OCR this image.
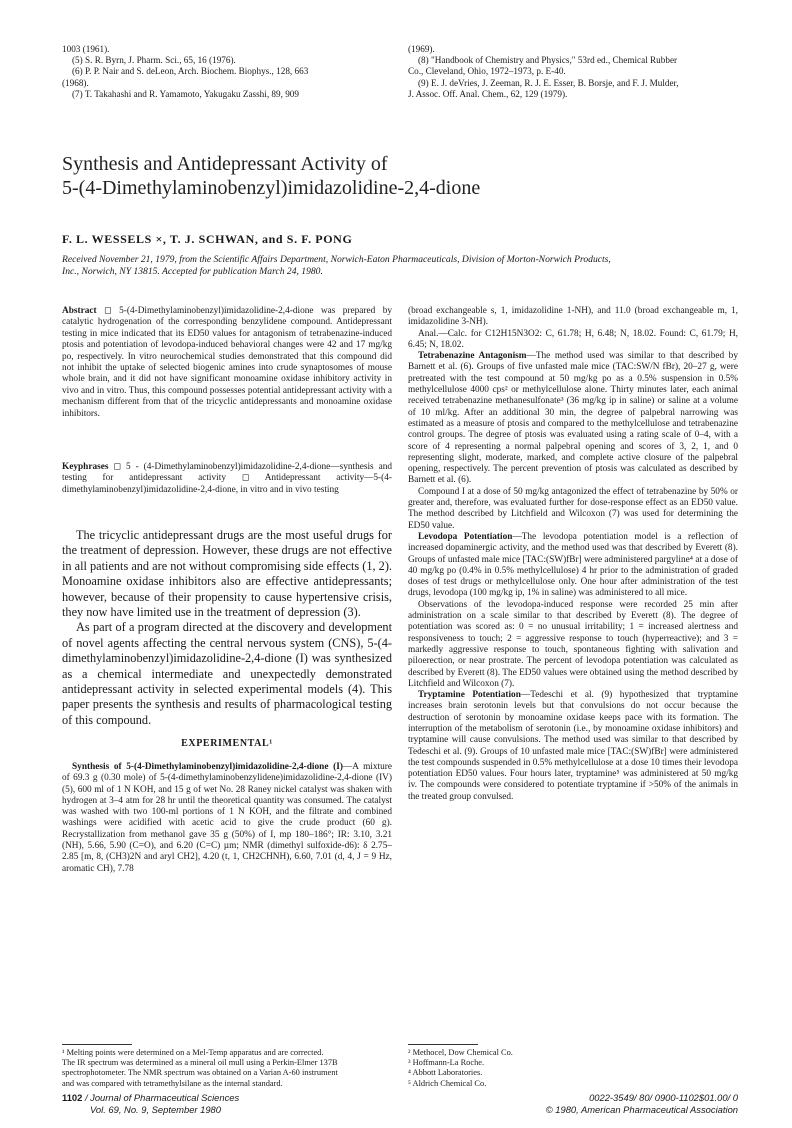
1003 (1961).

(5) S. R. Byrn, J. Pharm. Sci., 65, 16 (1976).

(6) P. P. Nair and S. deLeon, Arch. Biochem. Biophys., 128, 663

(1968).

(7) T. Takahashi and R. Yamamoto, Yakugaku Zasshi, 89, 909

(1969).

(8) "Handbook of Chemistry and Physics," 53rd ed., Chemical Rubber

Co., Cleveland, Ohio, 1972–1973, p. E-40.

(9) E. J. deVries, J. Zeeman, R. J. E. Esser, B. Borsje, and F. J. Mulder,

J. Assoc. Off. Anal. Chem., 62, 129 (1979).

Synthesis and Antidepressant Activity of
5-(4-Dimethylaminobenzyl)imidazolidine-2,4-dione
F. L. WESSELS ×, T. J. SCHWAN, and S. F. PONG
Received November 21, 1979, from the Scientific Affairs Department, Norwich-Eaton Pharmaceuticals, Division of Morton-Norwich Products,
Inc., Norwich, NY 13815. Accepted for publication March 24, 1980.
Abstract ◻ 5-(4-Dimethylaminobenzyl)imidazolidine-2,4-dione was prepared by catalytic hydrogenation of the corresponding benzylidene compound. Antidepressant testing in mice indicated that its ED50 values for antagonism of tetrabenazine-induced ptosis and potentiation of levodopa-induced behavioral changes were 42 and 17 mg/kg po, respectively. In vitro neurochemical studies demonstrated that this compound did not inhibit the uptake of selected biogenic amines into crude synaptosomes of mouse whole brain, and it did not have significant monoamine oxidase inhibitory activity in vivo and in vitro. Thus, this compound possesses potential antidepressant activity with a mechanism different from that of the tricyclic antidepressants and monoamine oxidase inhibitors.
Keyphrases ◻ 5 - (4-Dimethylaminobenzyl)imidazolidine-2,4-dione—synthesis and testing for antidepressant activity ◻ Antidepressant activity—5-(4-dimethylaminobenzyl)imidazolidine-2,4-dione, in vitro and in vivo testing

The tricyclic antidepressant drugs are the most useful drugs for the treatment of depression. However, these drugs are not effective in all patients and are not without compromising side effects (1, 2). Monoamine oxidase inhibitors also are effective antidepressants; however, because of their propensity to cause hypertensive crisis, they now have limited use in the treatment of depression (3).

As part of a program directed at the discovery and development of novel agents affecting the central nervous system (CNS), 5-(4-dimethylaminobenzyl)imidazolidine-2,4-dione (I) was synthesized as a chemical intermediate and unexpectedly demonstrated antidepressant activity in selected experimental models (4). This paper presents the synthesis and results of pharmacological testing of this compound.

EXPERIMENTAL¹

Synthesis of 5-(4-Dimethylaminobenzyl)imidazolidine-2,4-dione (I)—A mixture of 69.3 g (0.30 mole) of 5-(4-dimethylaminobenzylidene)imidazolidine-2,4-dione (IV) (5), 600 ml of 1 N KOH, and 15 g of wet No. 28 Raney nickel catalyst was shaken with hydrogen at 3–4 atm for 28 hr until the theoretical quantity was consumed. The catalyst was washed with two 100-ml portions of 1 N KOH, and the filtrate and combined washings were acidified with acetic acid to give the crude product (60 g). Recrystallization from methanol gave 35 g (50%) of I, mp 180–186°; IR: 3.10, 3.21 (NH), 5.66, 5.90 (C=O), and 6.20 (C=C) µm; NMR (dimethyl sulfoxide-d6): δ 2.75–2.85 [m, 8, (CH3)2N and aryl CH2], 4.20 (t, 1, CH2CHNH), 6.60, 7.01 (d, 4, J = 9 Hz, aromatic CH), 7.78

(broad exchangeable s, 1, imidazolidine 1-NH), and 11.0 (broad exchangeable m, 1, imidazolidine 3-NH).

Anal.—Calc. for C12H15N3O2: C, 61.78; H, 6.48; N, 18.02. Found: C, 61.79; H, 6.45; N, 18.02.

Tetrabenazine Antagonism—The method used was similar to that described by Barnett et al. (6). Groups of five unfasted male mice (TAC:SW/N fBr), 20–27 g, were pretreated with the test compound at 50 mg/kg po as a 0.5% suspension in 0.5% methylcellulose 4000 cps² or methylcellulose alone. Thirty minutes later, each animal received tetrabenazine methanesulfonate³ (36 mg/kg ip in saline) or saline at a volume of 10 ml/kg. After an additional 30 min, the degree of palpebral narrowing was estimated as a measure of ptosis and compared to the methylcellulose and tetrabenazine control groups. The degree of ptosis was evaluated using a rating scale of 0–4, with a score of 4 representing a normal palpebral opening and scores of 3, 2, 1, and 0 representing slight, moderate, marked, and complete active closure of the palpebral opening, respectively. The percent prevention of ptosis was calculated as described by Barnett et al. (6).

Compound I at a dose of 50 mg/kg antagonized the effect of tetrabenazine by 50% or greater and, therefore, was evaluated further for dose-response effect as an ED50 value. The method described by Litchfield and Wilcoxon (7) was used for determining the ED50 value.

Levodopa Potentiation—The levodopa potentiation model is a reflection of increased dopaminergic activity, and the method used was that described by Everett (8). Groups of unfasted male mice [TAC:(SW)fBr] were administered pargyline⁴ at a dose of 40 mg/kg po (0.4% in 0.5% methylcellulose) 4 hr prior to the administration of graded doses of test drugs or methylcellulose only. One hour after administration of the test drugs, levodopa (100 mg/kg ip, 1% in saline) was administered to all mice.

Observations of the levodopa-induced response were recorded 25 min after administration on a scale similar to that described by Everett (8). The degree of potentiation was scored as: 0 = no unusual irritability; 1 = increased alertness and responsiveness to touch; 2 = aggressive response to touch (hyperreactive); and 3 = markedly aggressive response to touch, spontaneous fighting with salivation and piloerection, or near prostrate. The percent of levodopa potentiation was calculated as described by Everett (8). The ED50 values were obtained using the method described by Litchfield and Wilcoxon (7).

Tryptamine Potentiation—Tedeschi et al. (9) hypothesized that tryptamine increases brain serotonin levels but that convulsions do not occur because the destruction of serotonin by monoamine oxidase keeps pace with its formation. The interruption of the metabolism of serotonin (i.e., by monoamine oxidase inhibitors) and tryptamine will cause convulsions. The method used was similar to that described by Tedeschi et al. (9). Groups of 10 unfasted male mice [TAC:(SW)fBr] were administered the test compounds suspended in 0.5% methylcellulose at a dose 10 times their levodopa potentiation ED50 values. Four hours later, tryptamine⁵ was administered at 50 mg/kg iv. The compounds were considered to potentiate tryptamine if >50% of the animals in the treated group convulsed.

¹ Melting points were determined on a Mel-Temp apparatus and are corrected.
The IR spectrum was determined as a mineral oil mull using a Perkin-Elmer 137B
spectrophotometer. The NMR spectrum was obtained on a Varian A-60 instrument
and was compared with tetramethylsilane as the internal standard.
² Methocel, Dow Chemical Co.
³ Hoffmann-La Roche.
⁴ Abbott Laboratories.
⁵ Aldrich Chemical Co.
1102 / Journal of Pharmaceutical Sciences
Vol. 69, No. 9, September 1980
0022-3549/ 80/ 0900-1102$01.00/ 0
© 1980, American Pharmaceutical Association
